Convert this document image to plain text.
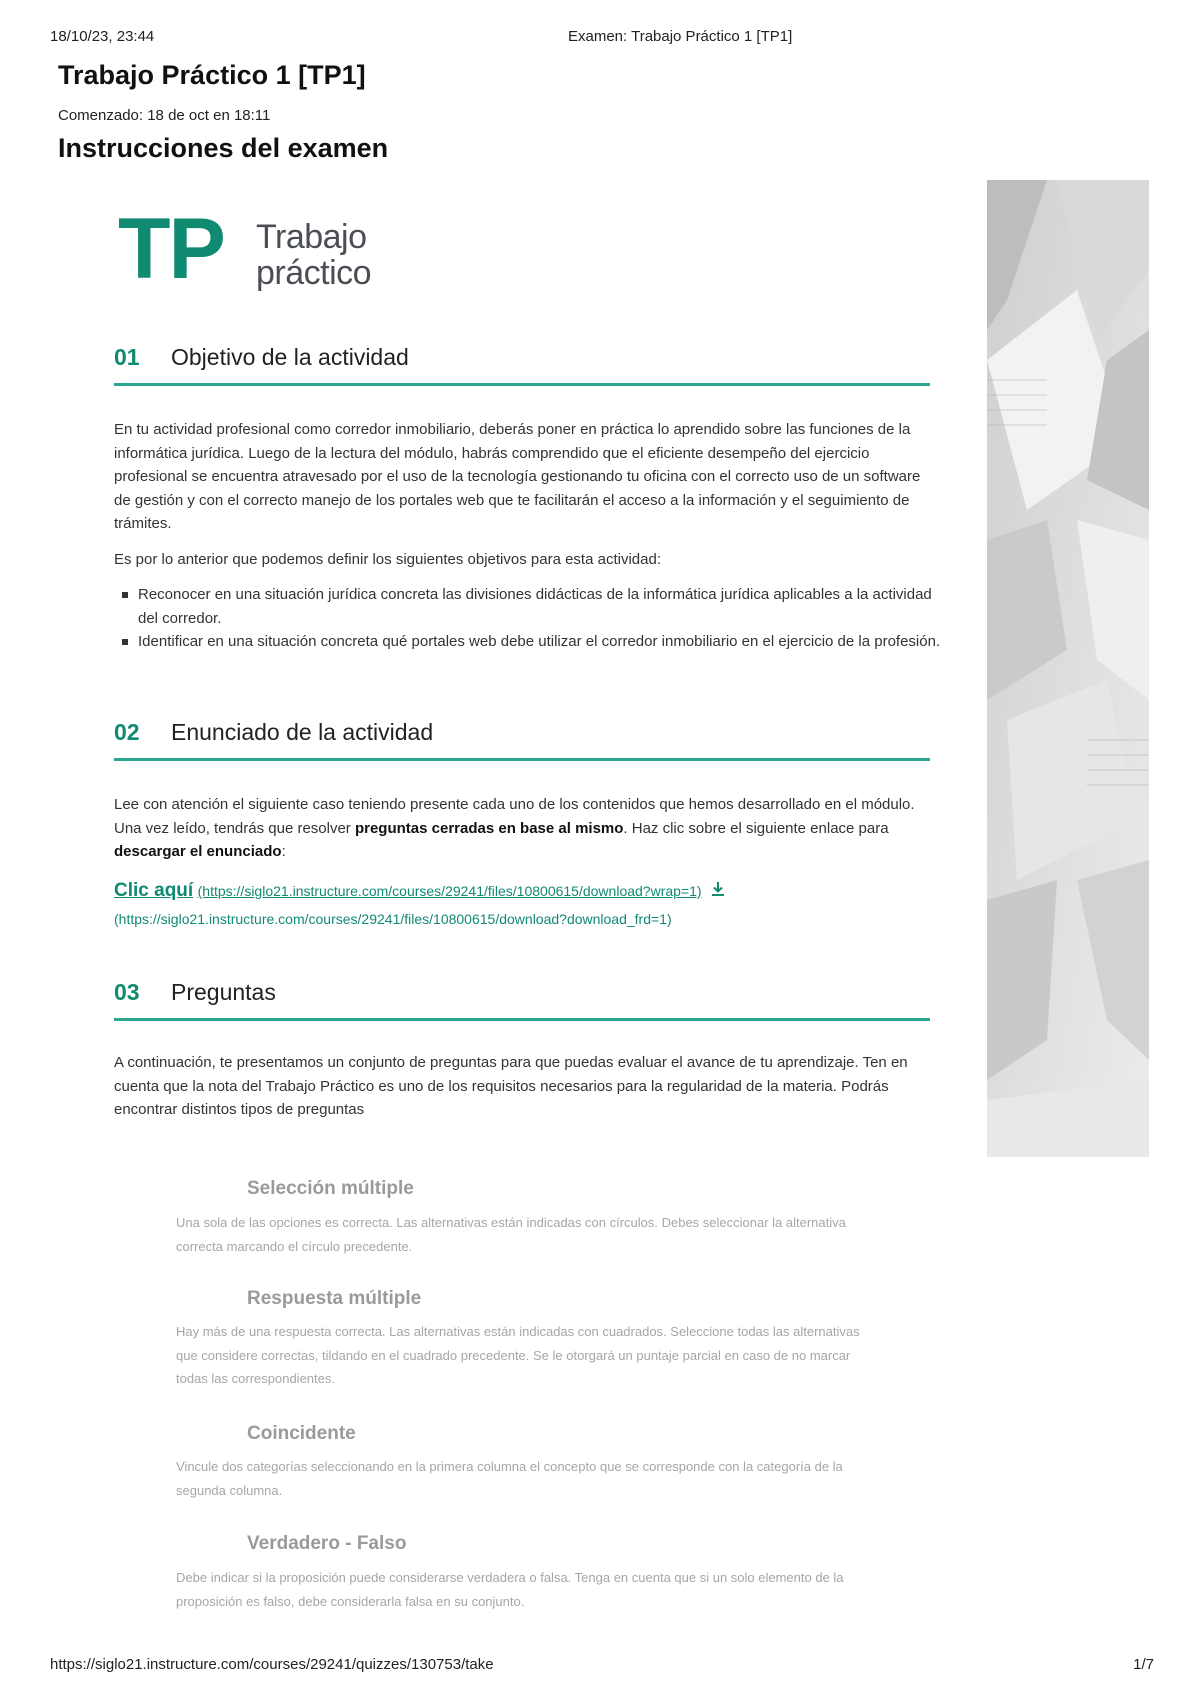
18/10/23, 23:44	Examen: Trabajo Práctico 1 [TP1]
Trabajo Práctico 1 [TP1]
Comenzado: 18 de oct en 18:11
Instrucciones del examen
TP Trabajo
práctico
01 Objetivo de la actividad

En tu actividad profesional como corredor inmobiliario, deberás poner en práctica lo aprendido sobre las funciones de la informática jurídica. Luego de la lectura del módulo, habrás comprendido que el eficiente desempeño del ejercicio profesional se encuentra atravesado por el uso de la tecnología gestionando tu oficina con el correcto uso de un software de gestión y con el correcto manejo de los portales web que te facilitarán el acceso a la información y el seguimiento de trámites.

Es por lo anterior que podemos definir los siguientes objetivos para esta actividad:

Reconocer en una situación jurídica concreta las divisiones didácticas de la informática jurídica aplicables a la actividad del corredor.
Identificar en una situación concreta qué portales web debe utilizar el corredor inmobiliario en el ejercicio de la profesión.
02 Enunciado de la actividad

Lee con atención el siguiente caso teniendo presente cada uno de los contenidos que hemos desarrollado en el módulo. Una vez leído, tendrás que resolver preguntas cerradas en base al mismo. Haz clic sobre el siguiente enlace para descargar el enunciado:

Clic aquí (https://siglo21.instructure.com/courses/29241/files/10800615/download?wrap=1)
(https://siglo21.instructure.com/courses/29241/files/10800615/download?download_frd=1)
03 Preguntas

A continuación, te presentamos un conjunto de preguntas para que puedas evaluar el avance de tu aprendizaje. Ten en cuenta que la nota del Trabajo Práctico es uno de los requisitos necesarios para la regularidad de la materia. Podrás encontrar distintos tipos de preguntas

Selección múltiple

Una sola de las opciones es correcta. Las alternativas están indicadas con círculos. Debes seleccionar la alternativa correcta marcando el círculo precedente.

Respuesta múltiple

Hay más de una respuesta correcta. Las alternativas están indicadas con cuadrados. Seleccione todas las alternativas que considere correctas, tildando en el cuadrado precedente. Se le otorgará un puntaje parcial en caso de no marcar todas las correspondientes.

Coincidente

Vincule dos categorías seleccionando en la primera columna el concepto que se corresponde con la categoría de la segunda columna.

Verdadero - Falso

Debe indicar si la proposición puede considerarse verdadera o falsa. Tenga en cuenta que si un solo elemento de la proposición es falso, debe considerarla falsa en su conjunto.

https://siglo21.instructure.com/courses/29241/quizzes/130753/take	1/7
